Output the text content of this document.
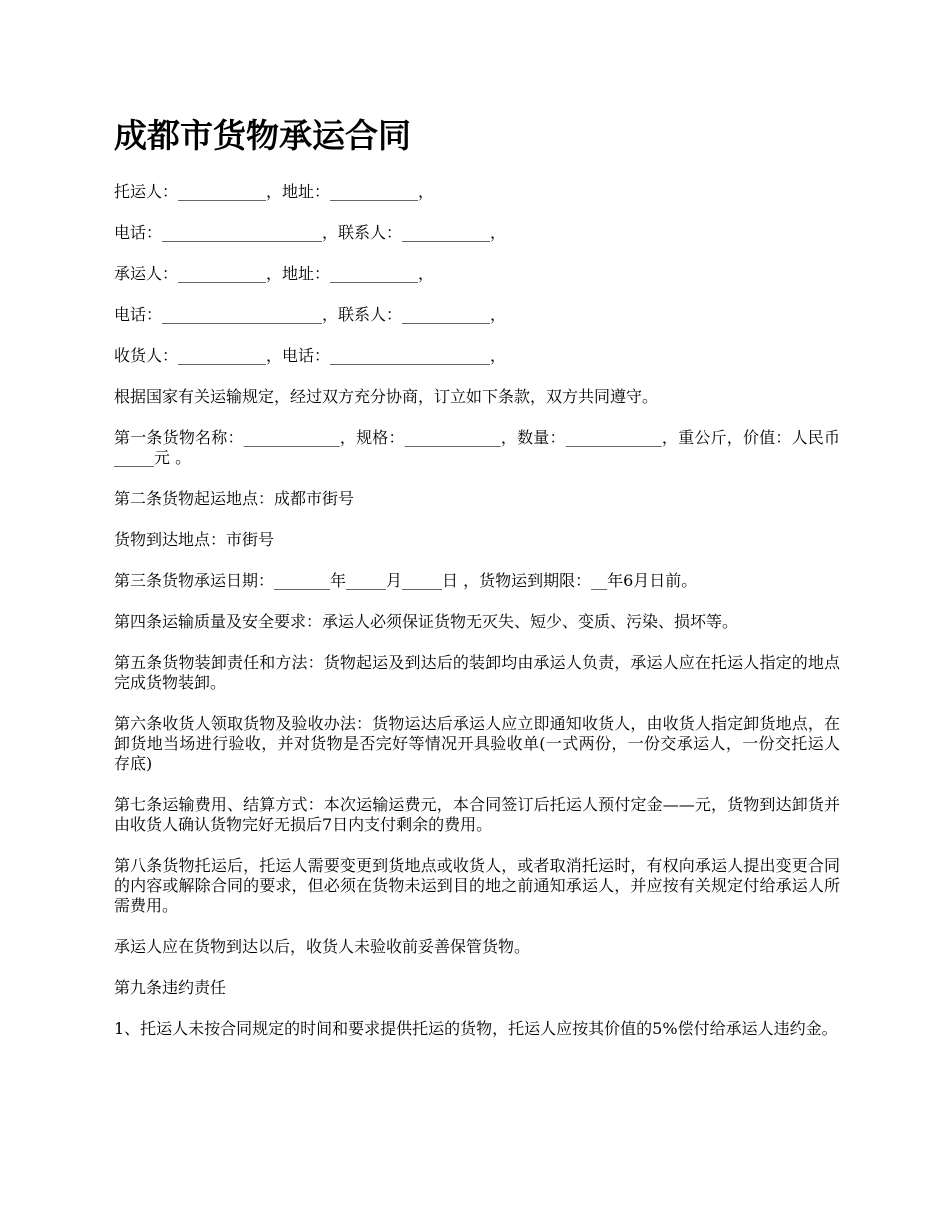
成都市货物承运合同

托运人：___________，地址：___________，

电话：____________________，联系人：___________，

承运人：___________，地址：___________，

电话：____________________，联系人：___________，

收货人：___________，电话：____________________，

根据国家有关运输规定，经过双方充分协商，订立如下条款，双方共同遵守。

第一条货物名称：____________，规格：____________，数量：____________，重公斤，价值：人民币_____元 。

第二条货物起运地点：成都市街号

货物到达地点：市街号

第三条货物承运日期：_______年_____月_____日 ，货物运到期限：__年6月日前。

第四条运输质量及安全要求：承运人必须保证货物无灭失、短少、变质、污染、损坏等。

第五条货物装卸责任和方法：货物起运及到达后的装卸均由承运人负责，承运人应在托运人指定的地点完成货物装卸。

第六条收货人领取货物及验收办法：货物运达后承运人应立即通知收货人，由收货人指定卸货地点，在卸货地当场进行验收，并对货物是否完好等情况开具验收单(一式两份，一份交承运人，一份交托运人存底)

第七条运输费用、结算方式：本次运输运费元，本合同签订后托运人预付定金——元，货物到达卸货并由收货人确认货物完好无损后7日内支付剩余的费用。

第八条货物托运后，托运人需要变更到货地点或收货人，或者取消托运时，有权向承运人提出变更合同的内容或解除合同的要求，但必须在货物未运到目的地之前通知承运人，并应按有关规定付给承运人所需费用。

承运人应在货物到达以后，收货人未验收前妥善保管货物。

第九条违约责任

1、托运人未按合同规定的时间和要求提供托运的货物，托运人应按其价值的5%偿付给承运人违约金。
